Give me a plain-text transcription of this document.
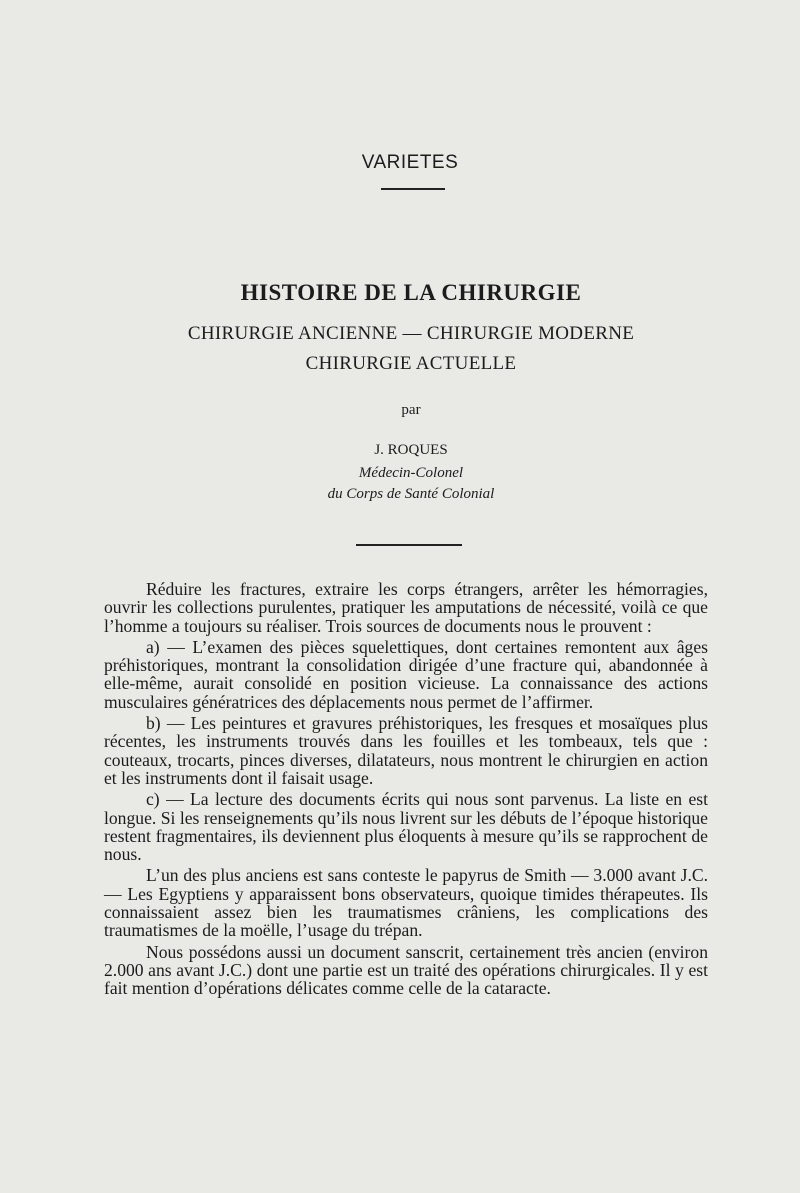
VARIETES
HISTOIRE DE LA CHIRURGIE
CHIRURGIE ANCIENNE — CHIRURGIE MODERNE
CHIRURGIE ACTUELLE
par
J. ROQUES
Médecin-Colonel
du Corps de Santé Colonial

Réduire les fractures, extraire les corps étrangers, arrêter les hémorragies, ouvrir les collections purulentes, pratiquer les amputations de nécessité, voilà ce que l’homme a toujours su réaliser. Trois sources de documents nous le prouvent :

a) — L’examen des pièces squelettiques, dont certaines remontent aux âges préhistoriques, montrant la consolidation dirigée d’une fracture qui, abandonnée à elle-même, aurait consolidé en position vicieuse. La connaissance des actions musculaires génératrices des déplacements nous permet de l’affirmer.

b) — Les peintures et gravures préhistoriques, les fresques et mosaïques plus récentes, les instruments trouvés dans les fouilles et les tombeaux, tels que : couteaux, trocarts, pinces diverses, dilatateurs, nous montrent le chirurgien en action et les instruments dont il faisait usage.

c) — La lecture des documents écrits qui nous sont parvenus. La liste en est longue. Si les renseignements qu’ils nous livrent sur les débuts de l’époque historique restent fragmentaires, ils deviennent plus éloquents à mesure qu’ils se rapprochent de nous.

L’un des plus anciens est sans conteste le papyrus de Smith — 3.000 avant J.C. — Les Egyptiens y apparaissent bons observateurs, quoique timides thérapeutes. Ils connaissaient assez bien les traumatismes crâniens, les complications des traumatismes de la moëlle, l’usage du trépan.

Nous possédons aussi un document sanscrit, certainement très ancien (environ 2.000 ans avant J.C.) dont une partie est un traité des opérations chirurgicales. Il y est fait mention d’opérations délicates comme celle de la cataracte.
